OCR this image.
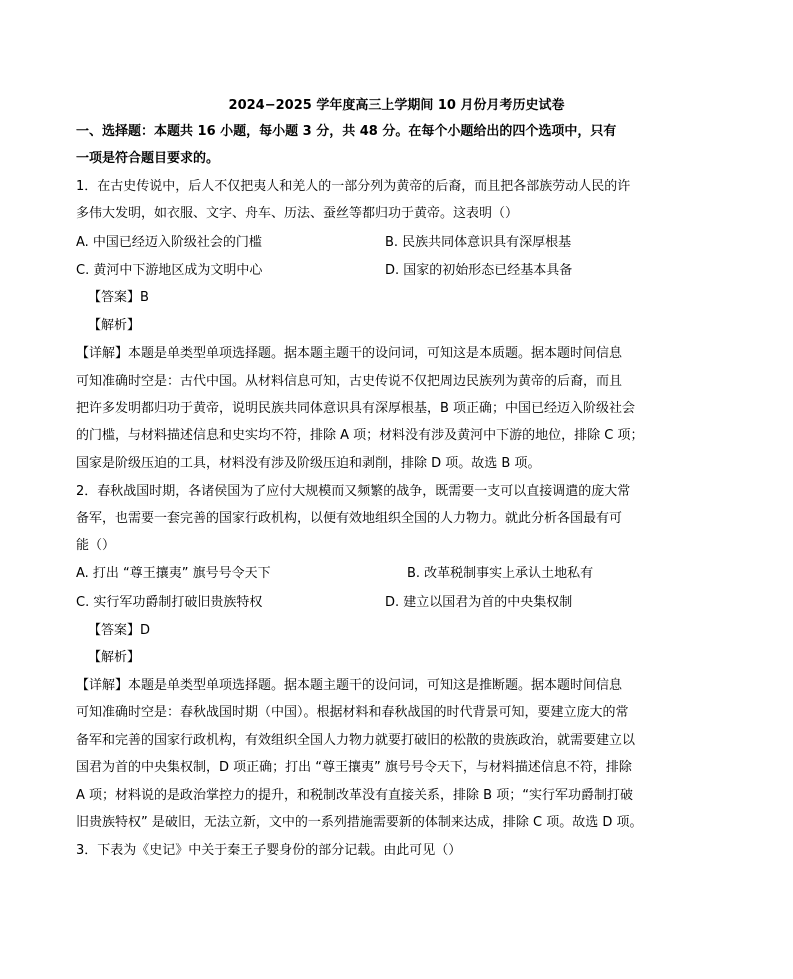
2024−2025 学年度高三上学期间 10 月份月考历史试卷
一、选择题：本题共 16 小题，每小题 3 分，共 48 分。在每个小题给出的四个选项中，只有
一项是符合题目要求的。
1．在古史传说中，后人不仅把夷人和羌人的一部分列为黄帝的后裔，而且把各部族劳动人民的许
多伟大发明，如衣服、文字、舟车、历法、蚕丝等都归功于黄帝。这表明（）
A. 中国已经迈入阶级社会的门槛	B. 民族共同体意识具有深厚根基
C. 黄河中下游地区成为文明中心	D. 国家的初始形态已经基本具备
【答案】B
【解析】
【详解】本题是单类型单项选择题。据本题主题干的设问词，可知这是本质题。据本题时间信息
可知准确时空是：古代中国。从材料信息可知，古史传说不仅把周边民族列为黄帝的后裔，而且
把许多发明都归功于黄帝，说明民族共同体意识具有深厚根基，B 项正确；中国已经迈入阶级社会
的门槛，与材料描述信息和史实均不符，排除 A 项；材料没有涉及黄河中下游的地位，排除 C 项；
国家是阶级压迫的工具，材料没有涉及阶级压迫和剥削，排除 D 项。故选 B 项。
2．春秋战国时期，各诸侯国为了应付大规模而又频繁的战争，既需要一支可以直接调遣的庞大常
备军，也需要一套完善的国家行政机构，以便有效地组织全国的人力物力。就此分析各国最有可
能（）
A. 打出 “尊王攘夷” 旗号号令天下	B. 改革税制事实上承认土地私有
C. 实行军功爵制打破旧贵族特权	D. 建立以国君为首的中央集权制
【答案】D
【解析】
【详解】本题是单类型单项选择题。据本题主题干的设问词，可知这是推断题。据本题时间信息
可知准确时空是：春秋战国时期（中国）。根据材料和春秋战国的时代背景可知，要建立庞大的常
备军和完善的国家行政机构，有效组织全国人力物力就要打破旧的松散的贵族政治，就需要建立以
国君为首的中央集权制，D 项正确；打出 “尊王攘夷” 旗号号令天下，与材料描述信息不符，排除
A 项；材料说的是政治掌控力的提升，和税制改革没有直接关系，排除 B 项；“实行军功爵制打破
旧贵族特权” 是破旧，无法立新，文中的一系列措施需要新的体制来达成，排除 C 项。故选 D 项。
3．下表为《史记》中关于秦王子婴身份的部分记载。由此可见（）
